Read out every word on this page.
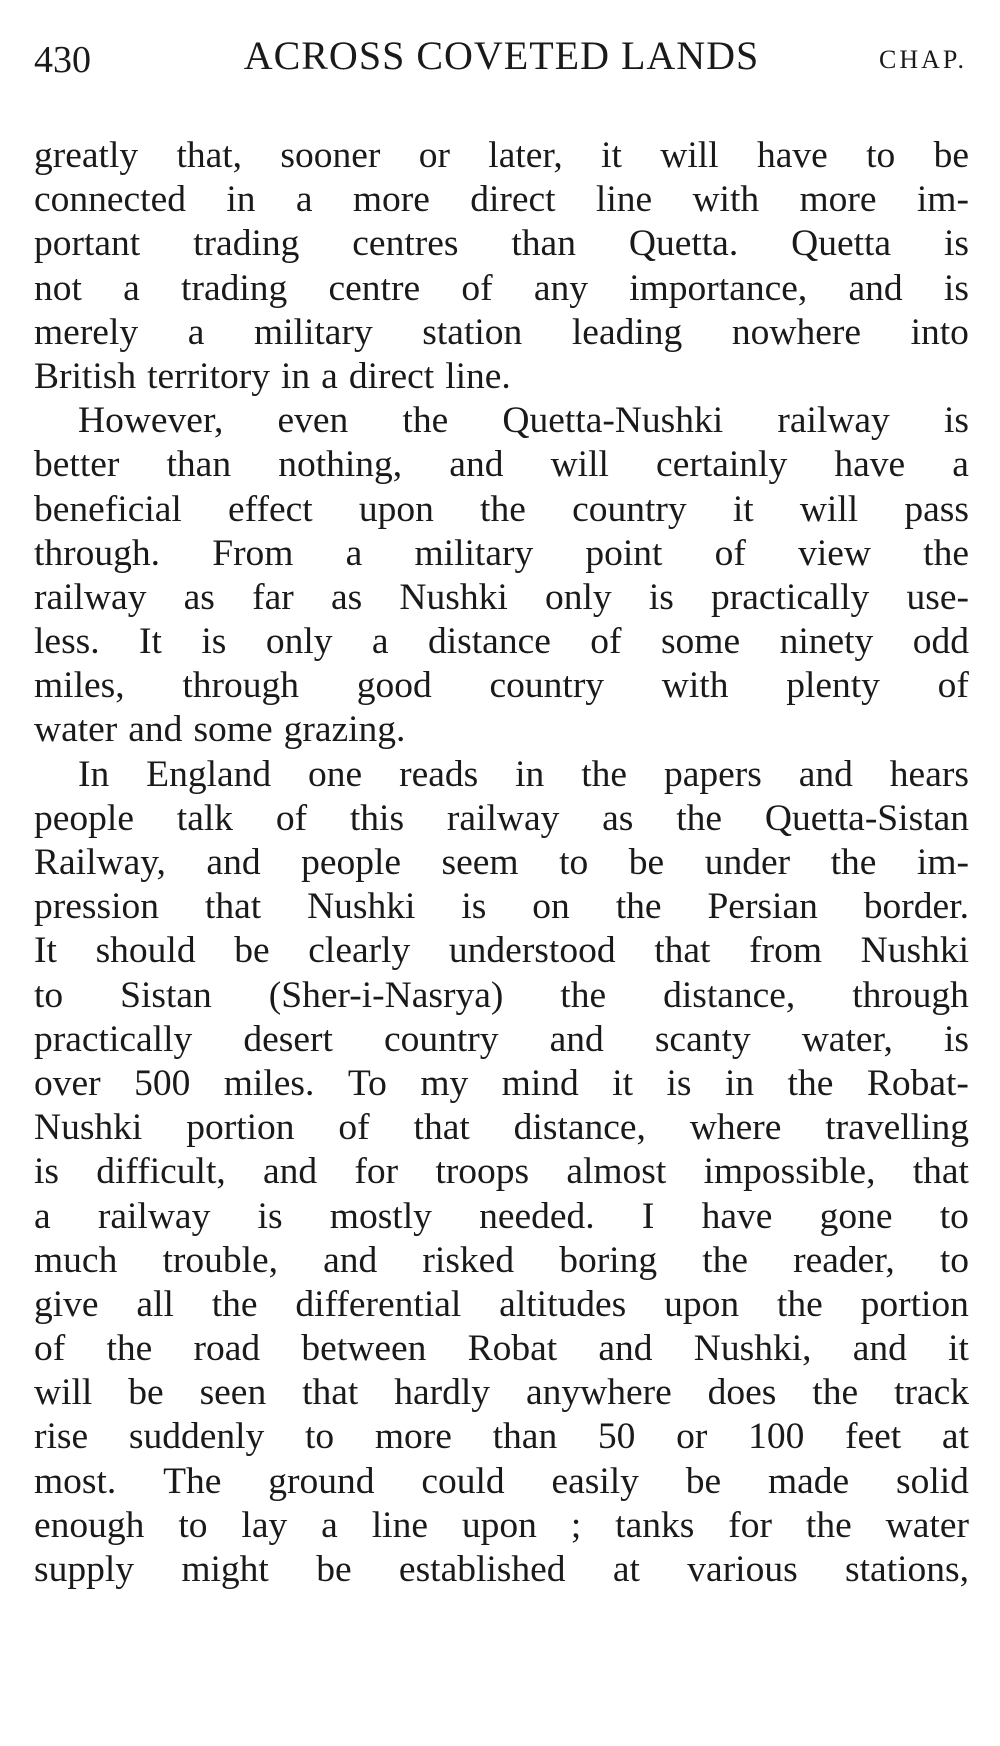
430	ACROSS COVETED LANDS	CHAP.
greatly that, sooner or later, it will have to be
connected in a more direct line with more im-
portant trading centres than Quetta. Quetta is
not a trading centre of any importance, and is
merely a military station leading nowhere into
British territory in a direct line.
However, even the Quetta-Nushki railway is
better than nothing, and will certainly have a
beneficial effect upon the country it will pass
through. From a military point of view the
railway as far as Nushki only is practically use-
less. It is only a distance of some ninety odd
miles, through good country with plenty of
water and some grazing.
In England one reads in the papers and hears
people talk of this railway as the Quetta-Sistan
Railway, and people seem to be under the im-
pression that Nushki is on the Persian border.
It should be clearly understood that from Nushki
to Sistan (Sher-i-Nasrya) the distance, through
practically desert country and scanty water, is
over 500 miles. To my mind it is in the Robat-
Nushki portion of that distance, where travelling
is difficult, and for troops almost impossible, that
a railway is mostly needed. I have gone to
much trouble, and risked boring the reader, to
give all the differential altitudes upon the portion
of the road between Robat and Nushki, and it
will be seen that hardly anywhere does the track
rise suddenly to more than 50 or 100 feet at
most. The ground could easily be made solid
enough to lay a line upon ; tanks for the water
supply might be established at various stations,
